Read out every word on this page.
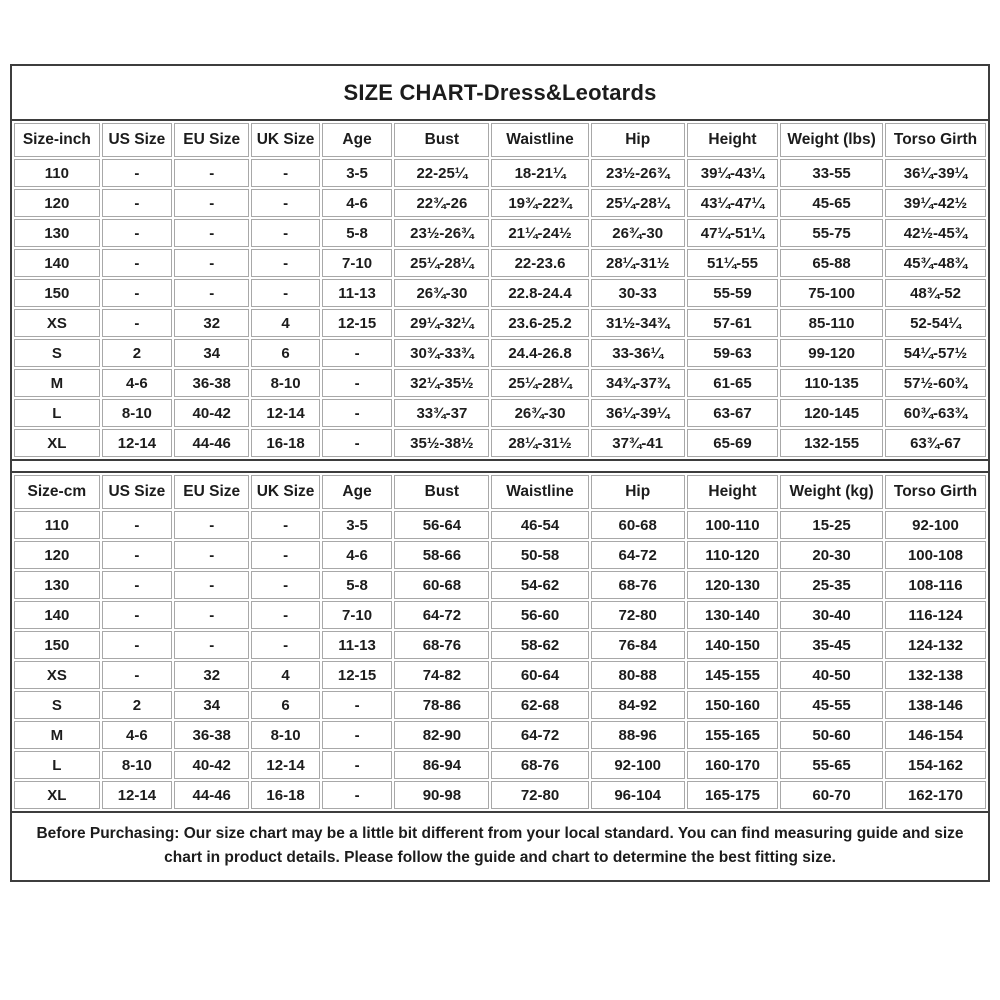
SIZE CHART-Dress&Leotards
Size-inch	US Size	EU Size	UK Size	Age	Bust	Waistline	Hip	Height	Weight (lbs)	Torso Girth
110	-	-	-	3-5	22-25¼	18-21¼	23½-26¾	39¼-43¼	33-55	36¼-39¼
120	-	-	-	4-6	22¾-26	19¾-22¾	25¼-28¼	43¼-47¼	45-65	39¼-42½
130	-	-	-	5-8	23½-26¾	21¼-24½	26¾-30	47¼-51¼	55-75	42½-45¾
140	-	-	-	7-10	25¼-28¼	22-23.6	28¼-31½	51¼-55	65-88	45¾-48¾
150	-	-	-	11-13	26¾-30	22.8-24.4	30-33	55-59	75-100	48¾-52
XS	-	32	4	12-15	29¼-32¼	23.6-25.2	31½-34¾	57-61	85-110	52-54¼
S	2	34	6	-	30¾-33¾	24.4-26.8	33-36¼	59-63	99-120	54¼-57½
M	4-6	36-38	8-10	-	32¼-35½	25¼-28¼	34¾-37¾	61-65	110-135	57½-60¾
L	8-10	40-42	12-14	-	33¾-37	26¾-30	36¼-39¼	63-67	120-145	60¾-63¾
XL	12-14	44-46	16-18	-	35½-38½	28¼-31½	37¾-41	65-69	132-155	63¾-67
Size-cm	US Size	EU Size	UK Size	Age	Bust	Waistline	Hip	Height	Weight (kg)	Torso Girth
110	-	-	-	3-5	56-64	46-54	60-68	100-110	15-25	92-100
120	-	-	-	4-6	58-66	50-58	64-72	110-120	20-30	100-108
130	-	-	-	5-8	60-68	54-62	68-76	120-130	25-35	108-116
140	-	-	-	7-10	64-72	56-60	72-80	130-140	30-40	116-124
150	-	-	-	11-13	68-76	58-62	76-84	140-150	35-45	124-132
XS	-	32	4	12-15	74-82	60-64	80-88	145-155	40-50	132-138
S	2	34	6	-	78-86	62-68	84-92	150-160	45-55	138-146
M	4-6	36-38	8-10	-	82-90	64-72	88-96	155-165	50-60	146-154
L	8-10	40-42	12-14	-	86-94	68-76	92-100	160-170	55-65	154-162
XL	12-14	44-46	16-18	-	90-98	72-80	96-104	165-175	60-70	162-170
Before Purchasing: Our size chart may be a little bit different from your local standard. You can find measuring guide and size chart in product details. Please follow the guide and chart to determine the best fitting size.
